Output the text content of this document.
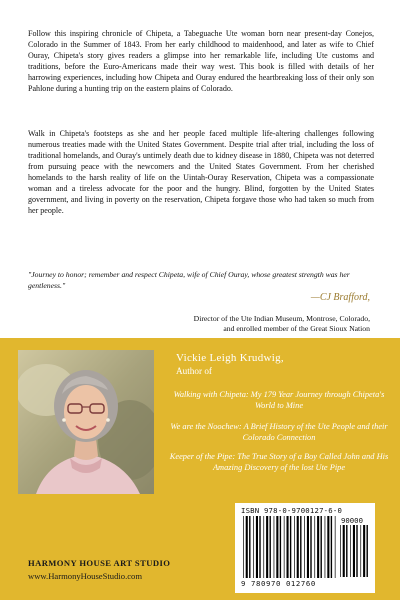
Follow this inspiring chronicle of Chipeta, a Tabeguache Ute woman born near present-day Conejos, Colorado in the Summer of 1843. From her early childhood to maidenhood, and later as wife to Chief Ouray, Chipeta's story gives readers a glimpse into her remarkable life, including Ute customs and traditions, before the Euro-Americans made their way west. This book is filled with details of her harrowing experiences, including how Chipeta and Ouray endured the heartbreaking loss of their only son Pahlone during a hunting trip on the eastern plains of Colorado.

Walk in Chipeta's footsteps as she and her people faced multiple life-altering challenges following numerous treaties made with the United States Government. Despite trial after trial, including the loss of traditional homelands, and Ouray's untimely death due to kidney disease in 1880, Chipeta was not deterred from pursuing peace with the newcomers and the United States Government. From her cherished homelands to the harsh reality of life on the Uintah-Ouray Reservation, Chipeta was a compassionate woman and a tireless advocate for the poor and the hungry. Blind, forgotten by the United States government, and living in poverty on the reservation, Chipeta forgave those who had taken so much from her people.

"Journey to honor; remember and respect Chipeta, wife of Chief Ouray, whose greatest strength was her gentleness."

—CJ Brafford,
Director of the Ute Indian Museum, Montrose, Colorado,
and enrolled member of the Great Sioux Nation
Vickie Leigh Krudwig,
Author of
Walking with Chipeta: My 179 Year Journey through Chipeta's World to Mine
We are the Noochew: A Brief History of the Ute People and their Colorado Connection
Keeper of the Pipe: The True Story of a Boy Called John and His Amazing Discovery of the lost Ute Pipe
HARMONY HOUSE ART STUDIO
www.HarmonyHouseStudio.com
ISBN 978-0-9700127-6-0
90000
9 780970 012760
